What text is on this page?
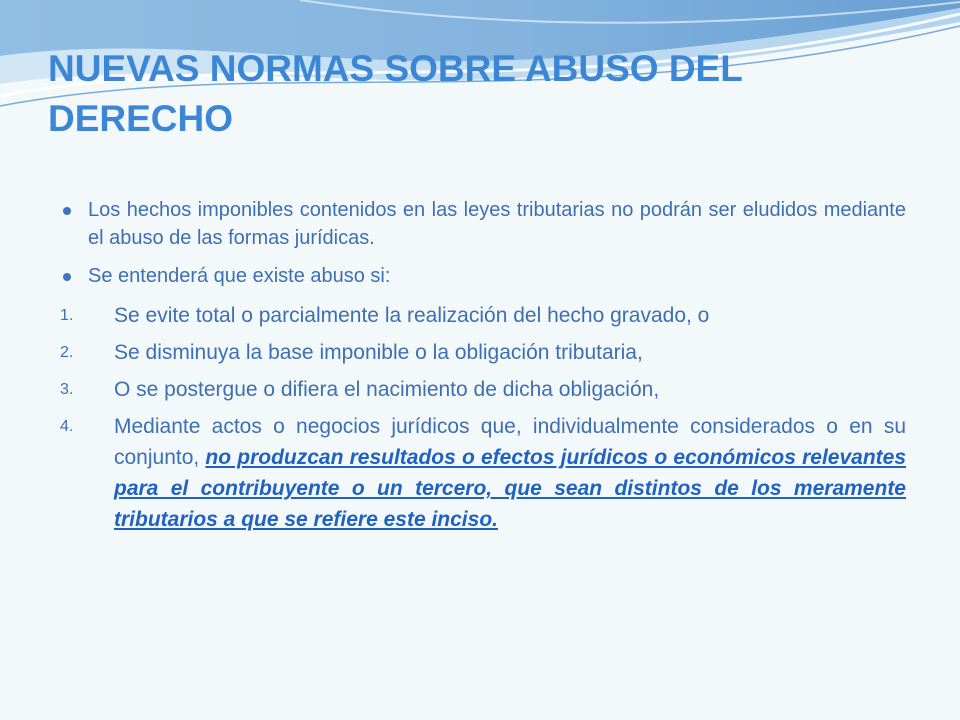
NUEVAS NORMAS SOBRE ABUSO DEL DERECHO
Los hechos imponibles contenidos en las leyes tributarias no podrán ser eludidos mediante el abuso de las formas jurídicas.
Se entenderá que existe abuso si:
1. Se evite total o parcialmente la realización del hecho gravado, o
2. Se disminuya la base imponible o la obligación tributaria,
3. O se postergue o difiera el nacimiento de dicha obligación,
4. Mediante actos o negocios jurídicos que, individualmente considerados o en su conjunto, no produzcan resultados o efectos jurídicos o económicos relevantes para el contribuyente o un tercero, que sean distintos de los meramente tributarios a que se refiere este inciso.
